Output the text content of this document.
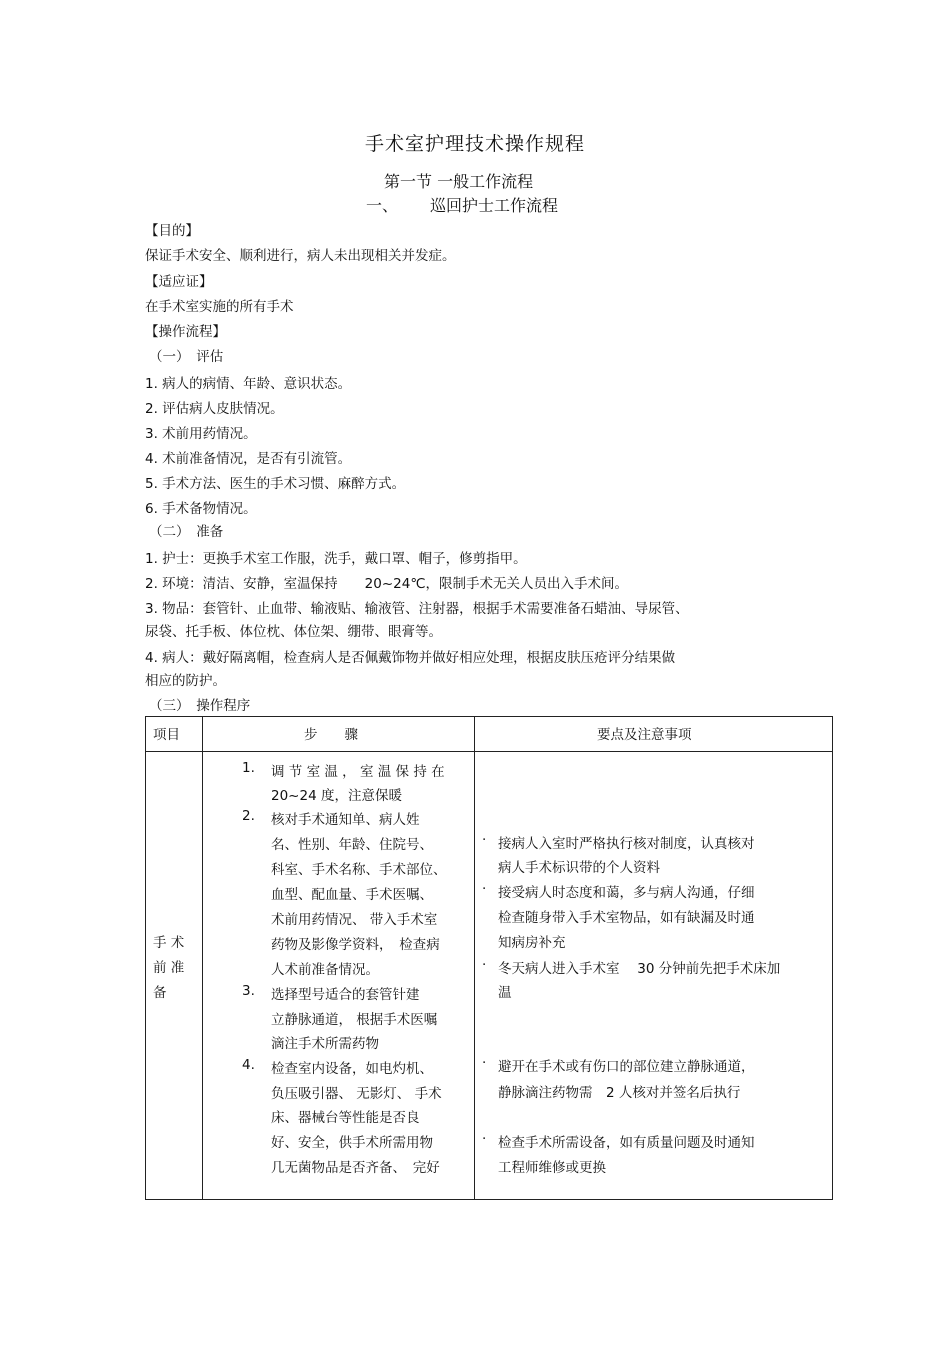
手术室护理技术操作规程
第一节 一般工作流程
一、 巡回护士工作流程
【目的】
保证手术安全、顺利进行，病人未出现相关并发症。
【适应证】
在手术室实施的所有手术
【操作流程】
（一）　评估
1. 病人的病情、年龄、意识状态。
2. 评估病人皮肤情况。
3. 术前用药情况。
4. 术前准备情况，是否有引流管。
5. 手术方法、医生的手术习惯、麻醉方式。
6. 手术备物情况。
（二）　准备
1. 护士：更换手术室工作服，洗手，戴口罩、帽子，修剪指甲。
2. 环境：清洁、安静，室温保持　　20~24℃，限制手术无关人员出入手术间。
3. 物品：套管针、止血带、输液贴、输液管、注射器，根据手术需要准备石蜡油、导尿管、
尿袋、托手板、体位枕、体位架、绷带、眼膏等。
4. 病人：戴好隔离帽，检查病人是否佩戴饰物并做好相应处理，根据皮肤压疮评分结果做
相应的防护。
（三）　操作程序
项目	步　　骤	要点及注意事项
手 术
前 准
备
1.
2.
3.
4.
调 节 室 温 ， 室 温 保 持 在
20~24 度，注意保暖
核对手术通知单、病人姓
名、性别、年龄、住院号、
科室、手术名称、手术部位、
血型、配血量、手术医嘱、
术前用药情况、 带入手术室
药物及影像学资料，　检查病
人术前准备情况。
选择型号适合的套管针建
立静脉通道， 根据手术医嘱
滴注手术所需药物
检查室内设备，如电灼机、
负压吸引器、 无影灯、 手术
床、器械台等性能是否良
好、安全，供手术所需用物
几无菌物品是否齐备、　完好
·
·
·
·
·
接病人入室时严格执行核对制度，认真核对
病人手术标识带的个人资料
接受病人时态度和蔼，多与病人沟通，仔细
检查随身带入手术室物品，如有缺漏及时通
知病房补充
冬天病人进入手术室　 30 分钟前先把手术床加
温
避开在手术或有伤口的部位建立静脉通道，
静脉滴注药物需　2 人核对并签名后执行
检查手术所需设备，如有质量问题及时通知
工程师维修或更换
